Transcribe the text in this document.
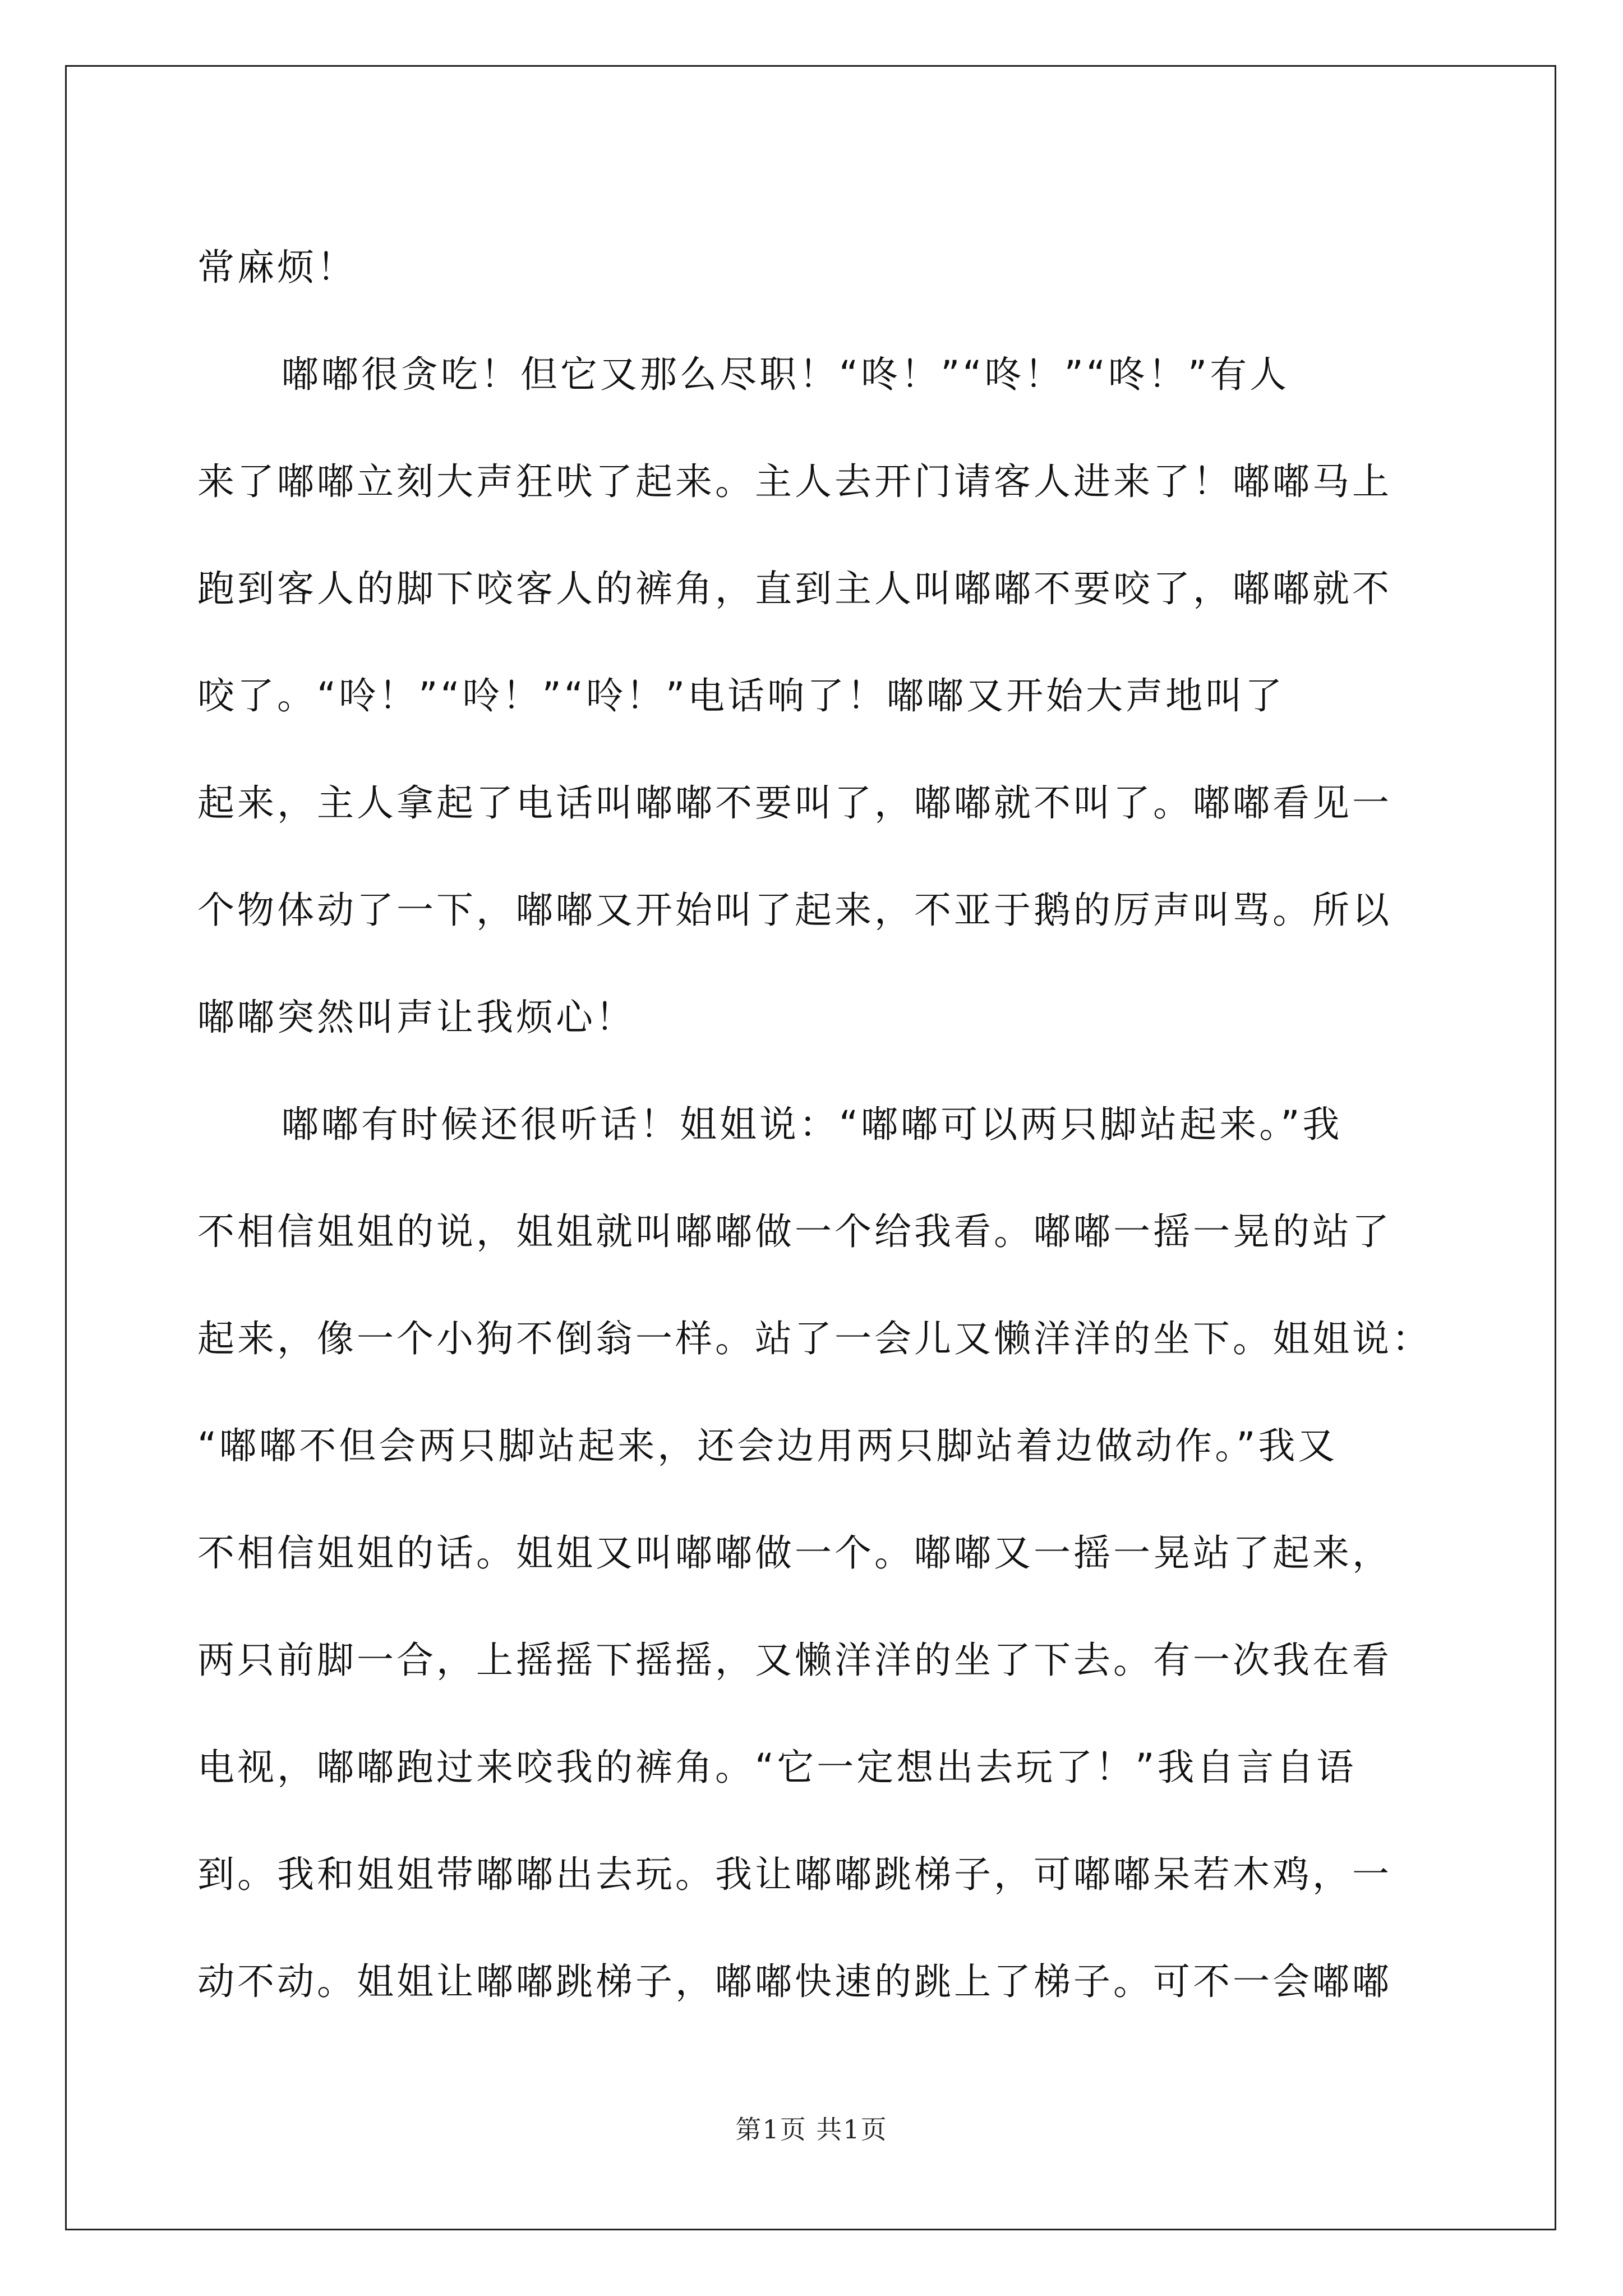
常麻烦！
嘟嘟很贪吃！但它又那么尽职！“咚！”“咚！”“咚！”有人
来了嘟嘟立刻大声狂吠了起来。主人去开门请客人进来了！嘟嘟马上
跑到客人的脚下咬客人的裤角，直到主人叫嘟嘟不要咬了，嘟嘟就不
咬了。“呤！”“呤！”“呤！”电话响了！嘟嘟又开始大声地叫了
起来，主人拿起了电话叫嘟嘟不要叫了，嘟嘟就不叫了。嘟嘟看见一
个物体动了一下，嘟嘟又开始叫了起来，不亚于鹅的厉声叫骂。所以
嘟嘟突然叫声让我烦心！
嘟嘟有时候还很听话！姐姐说：“嘟嘟可以两只脚站起来。”我
不相信姐姐的说，姐姐就叫嘟嘟做一个给我看。嘟嘟一摇一晃的站了
起来，像一个小狗不倒翁一样。站了一会儿又懒洋洋的坐下。姐姐说：
“嘟嘟不但会两只脚站起来，还会边用两只脚站着边做动作。”我又
不相信姐姐的话。姐姐又叫嘟嘟做一个。嘟嘟又一摇一晃站了起来，
两只前脚一合，上摇摇下摇摇，又懒洋洋的坐了下去。有一次我在看
电视，嘟嘟跑过来咬我的裤角。“它一定想出去玩了！”我自言自语
到。我和姐姐带嘟嘟出去玩。我让嘟嘟跳梯子，可嘟嘟呆若木鸡，一
动不动。姐姐让嘟嘟跳梯子，嘟嘟快速的跳上了梯子。可不一会嘟嘟
第1页 共1页
